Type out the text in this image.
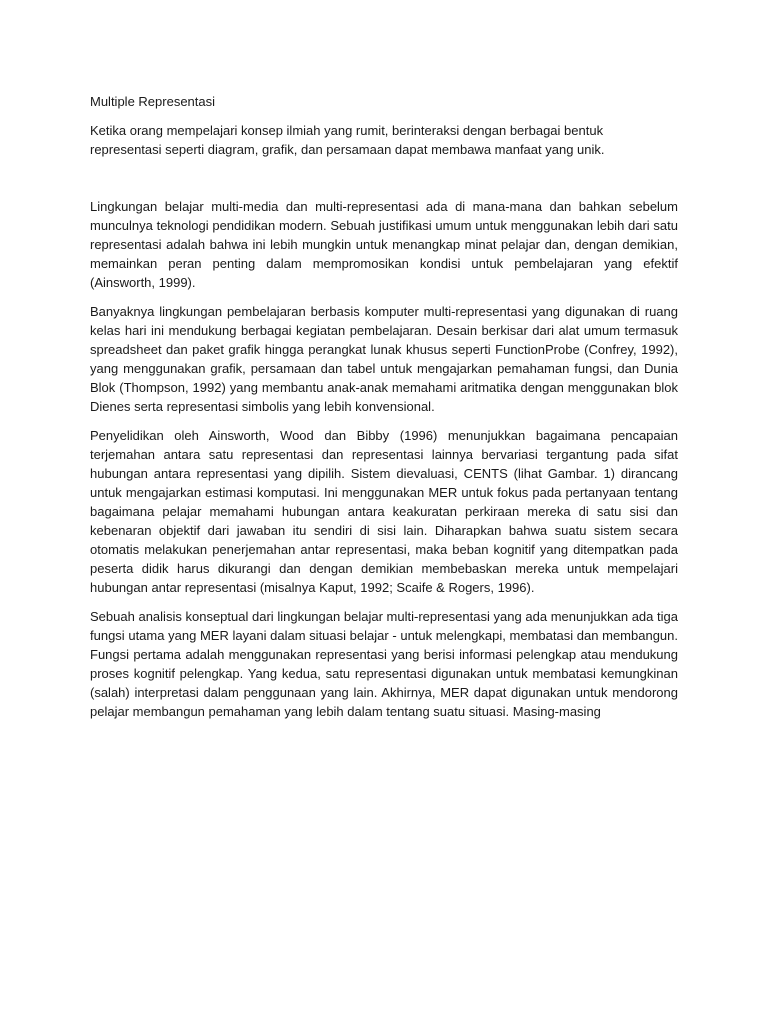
Multiple Representasi

Ketika orang mempelajari konsep ilmiah yang rumit, berinteraksi dengan berbagai bentuk representasi seperti diagram, grafik, dan persamaan dapat membawa manfaat yang unik.

Lingkungan belajar multi-media dan multi-representasi ada di mana-mana dan bahkan sebelum munculnya teknologi pendidikan modern. Sebuah justifikasi umum untuk menggunakan lebih dari satu representasi adalah bahwa ini lebih mungkin untuk menangkap minat pelajar dan, dengan demikian, memainkan peran penting dalam mempromosikan kondisi untuk pembelajaran yang efektif (Ainsworth, 1999).

Banyaknya lingkungan pembelajaran berbasis komputer multi-representasi yang digunakan di ruang kelas hari ini mendukung berbagai kegiatan pembelajaran. Desain berkisar dari alat umum termasuk spreadsheet dan paket grafik hingga perangkat lunak khusus seperti FunctionProbe (Confrey, 1992), yang menggunakan grafik, persamaan dan tabel untuk mengajarkan pemahaman fungsi, dan Dunia Blok (Thompson, 1992) yang membantu anak-anak memahami aritmatika dengan menggunakan blok Dienes serta representasi simbolis yang lebih konvensional.

Penyelidikan oleh Ainsworth, Wood dan Bibby (1996) menunjukkan bagaimana pencapaian terjemahan antara satu representasi dan representasi lainnya bervariasi tergantung pada sifat hubungan antara representasi yang dipilih. Sistem dievaluasi, CENTS (lihat Gambar. 1) dirancang untuk mengajarkan estimasi komputasi. Ini menggunakan MER untuk fokus pada pertanyaan tentang bagaimana pelajar memahami hubungan antara keakuratan perkiraan mereka di satu sisi dan kebenaran objektif dari jawaban itu sendiri di sisi lain. Diharapkan bahwa suatu sistem secara otomatis melakukan penerjemahan antar representasi, maka beban kognitif yang ditempatkan pada peserta didik harus dikurangi dan dengan demikian membebaskan mereka untuk mempelajari hubungan antar representasi (misalnya Kaput, 1992; Scaife & Rogers, 1996).

Sebuah analisis konseptual dari lingkungan belajar multi-representasi yang ada menunjukkan ada tiga fungsi utama yang MER layani dalam situasi belajar - untuk melengkapi, membatasi dan membangun. Fungsi pertama adalah menggunakan representasi yang berisi informasi pelengkap atau mendukung proses kognitif pelengkap. Yang kedua, satu representasi digunakan untuk membatasi kemungkinan (salah) interpretasi dalam penggunaan yang lain. Akhirnya, MER dapat digunakan untuk mendorong pelajar membangun pemahaman yang lebih dalam tentang suatu situasi. Masing-masing
